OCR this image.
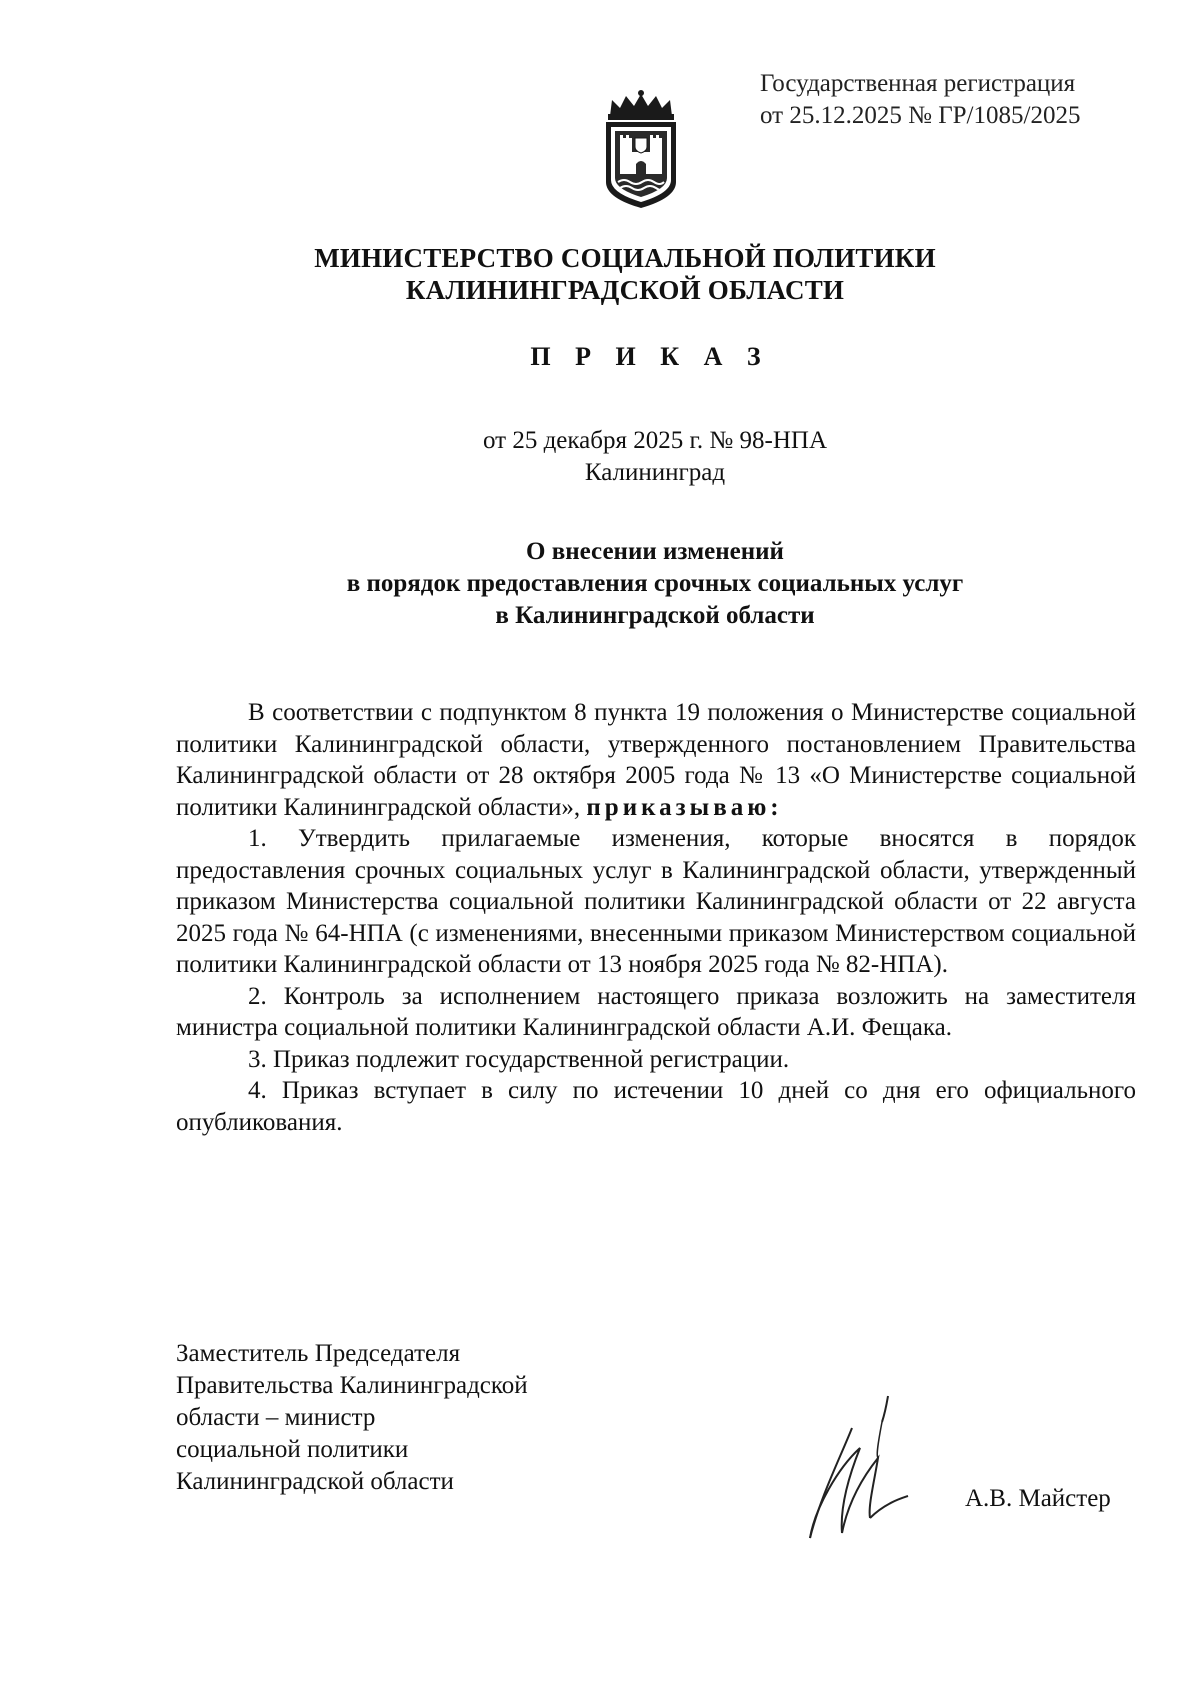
Государственная регистрация
от 25.12.2025 № ГР/1085/2025
МИНИСТЕРСТВО СОЦИАЛЬНОЙ ПОЛИТИКИ
КАЛИНИНГРАДСКОЙ ОБЛАСТИ
П Р И К А З
от 25 декабря 2025 г. № 98-НПА
Калининград
О внесении изменений
в порядок предоставления срочных социальных услуг
в Калининградской области

В соответствии с подпунктом 8 пункта 19 положения о Министерстве социальной политики Калининградской области, утвержденного постановлением Правительства Калининградской области от 28 октября 2005 года № 13 «О Министерстве социальной политики Калининградской области», приказываю:

1. Утвердить прилагаемые изменения, которые вносятся в порядок предоставления срочных социальных услуг в Калининградской области, утвержденный приказом Министерства социальной политики Калининградской области от 22 августа 2025 года № 64-НПА (с изменениями, внесенными приказом Министерством социальной политики Калининградской области от 13 ноября 2025 года № 82-НПА).

2. Контроль за исполнением настоящего приказа возложить на заместителя министра социальной политики Калининградской области А.И. Фещака.

3. Приказ подлежит государственной регистрации.

4. Приказ вступает в силу по истечении 10 дней со дня его официального опубликования.

Заместитель Председателя
Правительства Калининградской
области – министр
социальной политики
Калининградской области
А.В. Майстер
